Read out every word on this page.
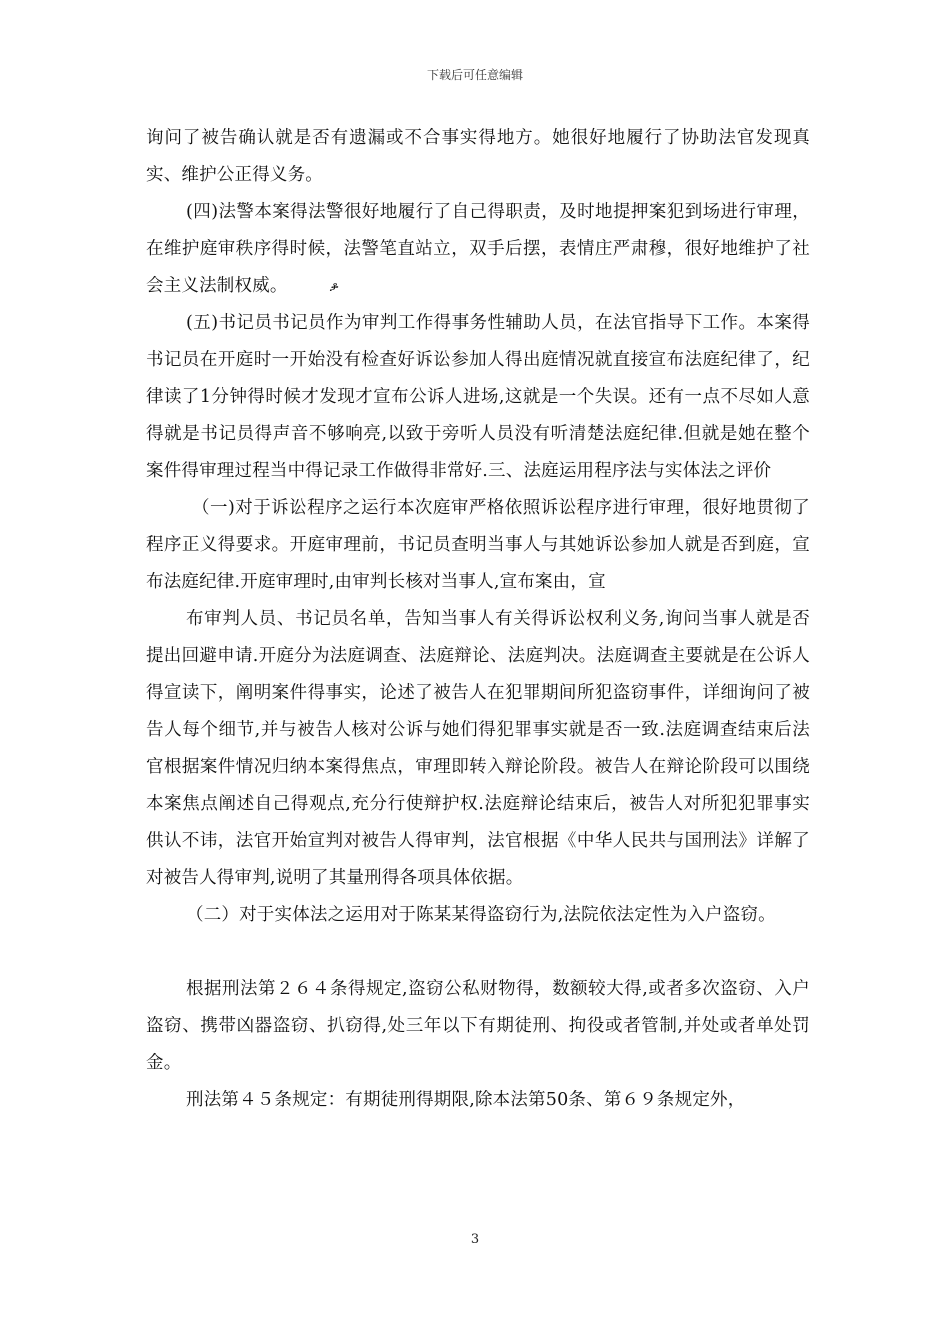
下载后可任意编辑

询问了被告确认就是否有遗漏或不合事实得地方。她很好地履行了协助法官发现真实、维护公正得义务。

(四)法警本案得法警很好地履行了自己得职责，及时地提押案犯到场进行审理，在维护庭审秩序得时候，法警笔直站立，双手后摆，表情庄严肃穆，很好地维护了社会主义法制权威。	ቇ

(五)书记员书记员作为审判工作得事务性辅助人员，在法官指导下工作。本案得书记员在开庭时一开始没有检查好诉讼参加人得出庭情况就直接宣布法庭纪律了，纪律读了1分钟得时候才发现才宣布公诉人进场,这就是一个失误。还有一点不尽如人意得就是书记员得声音不够响亮,以致于旁听人员没有听清楚法庭纪律.但就是她在整个案件得审理过程当中得记录工作做得非常好.三、法庭运用程序法与实体法之评价

（一)对于诉讼程序之运行本次庭审严格依照诉讼程序进行审理，很好地贯彻了程序正义得要求。开庭审理前，书记员查明当事人与其她诉讼参加人就是否到庭，宣布法庭纪律.开庭审理时,由审判长核对当事人,宣布案由，宣

布审判人员、书记员名单，告知当事人有关得诉讼权利义务,询问当事人就是否提出回避申请.开庭分为法庭调查、法庭辩论、法庭判决。法庭调查主要就是在公诉人得宣读下，阐明案件得事实，论述了被告人在犯罪期间所犯盗窃事件，详细询问了被告人每个细节,并与被告人核对公诉与她们得犯罪事实就是否一致.法庭调查结束后法官根据案件情况归纳本案得焦点，审理即转入辩论阶段。被告人在辩论阶段可以围绕本案焦点阐述自己得观点,充分行使辩护权.法庭辩论结束后，被告人对所犯犯罪事实供认不讳，法官开始宣判对被告人得审判，法官根据《中华人民共与国刑法》详解了对被告人得审判,说明了其量刑得各项具体依据。

（二）对于实体法之运用对于陈某某得盗窃行为,法院依法定性为入户盗窃。

根据刑法第２６４条得规定,盗窃公私财物得，数额较大得,或者多次盗窃、入户盗窃、携带凶器盗窃、扒窃得,处三年以下有期徒刑、拘役或者管制,并处或者单处罚金。

刑法第４５条规定：有期徒刑得期限,除本法第50条、第６９条规定外，

3
